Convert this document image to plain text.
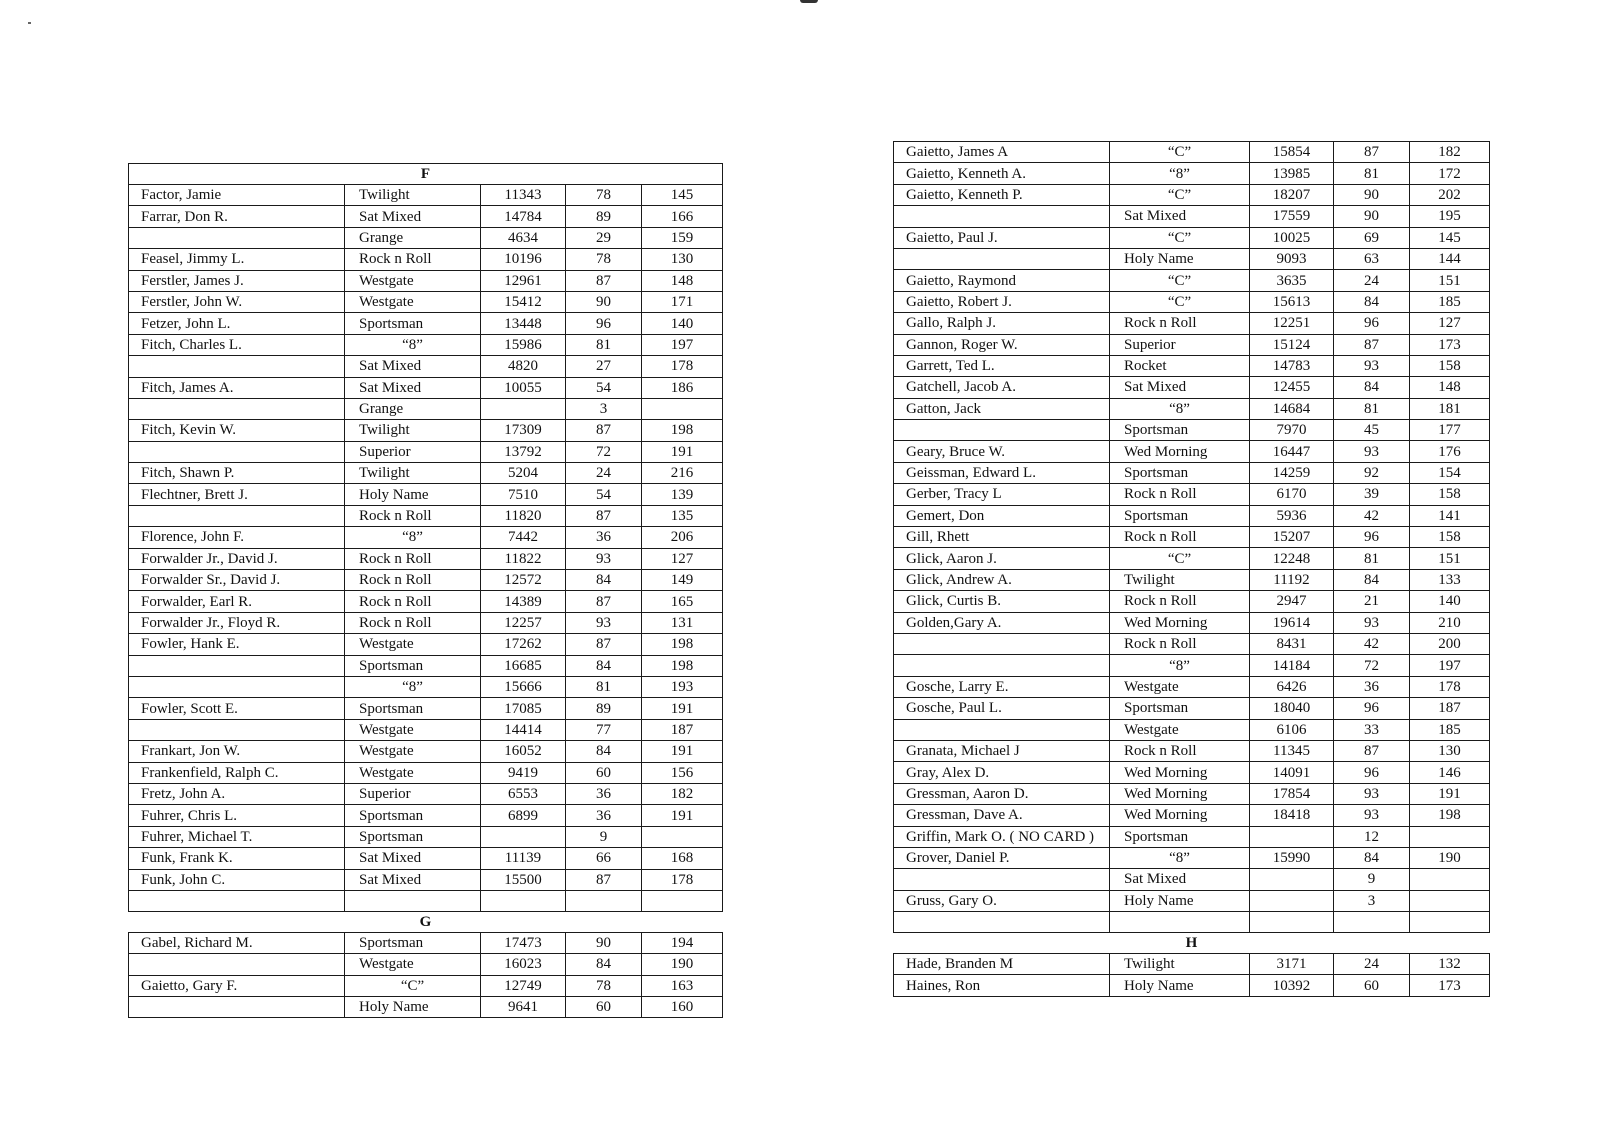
F				
Factor, Jamie	Twilight	11343	78	145
Farrar, Don R.	Sat Mixed	14784	89	166
	Grange	4634	29	159
Feasel, Jimmy L.	Rock n Roll	10196	78	130
Ferstler, James J.	Westgate	12961	87	148
Ferstler, John W.	Westgate	15412	90	171
Fetzer, John L.	Sportsman	13448	96	140
Fitch, Charles L.	“8”	15986	81	197
	Sat Mixed	4820	27	178
Fitch, James A.	Sat Mixed	10055	54	186
	Grange		3	
Fitch, Kevin W.	Twilight	17309	87	198
	Superior	13792	72	191
Fitch, Shawn P.	Twilight	5204	24	216
Flechtner, Brett J.	Holy Name	7510	54	139
	Rock n Roll	11820	87	135
Florence, John F.	“8”	7442	36	206
Forwalder Jr., David J.	Rock n Roll	11822	93	127
Forwalder Sr., David J.	Rock n Roll	12572	84	149
Forwalder, Earl R.	Rock n Roll	14389	87	165
Forwalder Jr., Floyd R.	Rock n Roll	12257	93	131
Fowler, Hank E.	Westgate	17262	87	198
	Sportsman	16685	84	198
	“8”	15666	81	193
Fowler, Scott E.	Sportsman	17085	89	191
	Westgate	14414	77	187
Frankart, Jon W.	Westgate	16052	84	191
Frankenfield, Ralph C.	Westgate	9419	60	156
Fretz, John A.	Superior	6553	36	182
Fuhrer, Chris L.	Sportsman	6899	36	191
Fuhrer, Michael T.	Sportsman		9	
Funk, Frank K.	Sat Mixed	11139	66	168
Funk, John C.	Sat Mixed	15500	87	178

G				
Gabel, Richard M.	Sportsman	17473	90	194
	Westgate	16023	84	190
Gaietto, Gary F.	“C”	12749	78	163
	Holy Name	9641	60	160
Gaietto, James A	“C”	15854	87	182
Gaietto, Kenneth A.	“8”	13985	81	172
Gaietto, Kenneth P.	“C”	18207	90	202
	Sat Mixed	17559	90	195
Gaietto, Paul J.	“C”	10025	69	145
	Holy Name	9093	63	144
Gaietto, Raymond	“C”	3635	24	151
Gaietto, Robert J.	“C”	15613	84	185
Gallo, Ralph J.	Rock n Roll	12251	96	127
Gannon, Roger W.	Superior	15124	87	173
Garrett, Ted L.	Rocket	14783	93	158
Gatchell, Jacob A.	Sat Mixed	12455	84	148
Gatton, Jack	“8”	14684	81	181
	Sportsman	7970	45	177
Geary, Bruce W.	Wed Morning	16447	93	176
Geissman, Edward L.	Sportsman	14259	92	154
Gerber, Tracy L	Rock n Roll	6170	39	158
Gemert, Don	Sportsman	5936	42	141
Gill, Rhett	Rock n Roll	15207	96	158
Glick, Aaron J.	“C”	12248	81	151
Glick, Andrew A.	Twilight	11192	84	133
Glick, Curtis B.	Rock n Roll	2947	21	140
Golden,Gary A.	Wed Morning	19614	93	210
	Rock n Roll	8431	42	200
	“8”	14184	72	197
Gosche, Larry E.	Westgate	6426	36	178
Gosche, Paul L.	Sportsman	18040	96	187
	Westgate	6106	33	185
Granata, Michael J	Rock n Roll	11345	87	130
Gray, Alex D.	Wed Morning	14091	96	146
Gressman, Aaron D.	Wed Morning	17854	93	191
Gressman, Dave A.	Wed Morning	18418	93	198
Griffin, Mark O. ( NO CARD )	Sportsman		12	
Grover, Daniel P.	“8”	15990	84	190
	Sat Mixed		9	
Gruss, Gary O.	Holy Name		3	

H				
Hade, Branden M	Twilight	3171	24	132
Haines, Ron	Holy Name	10392	60	173
